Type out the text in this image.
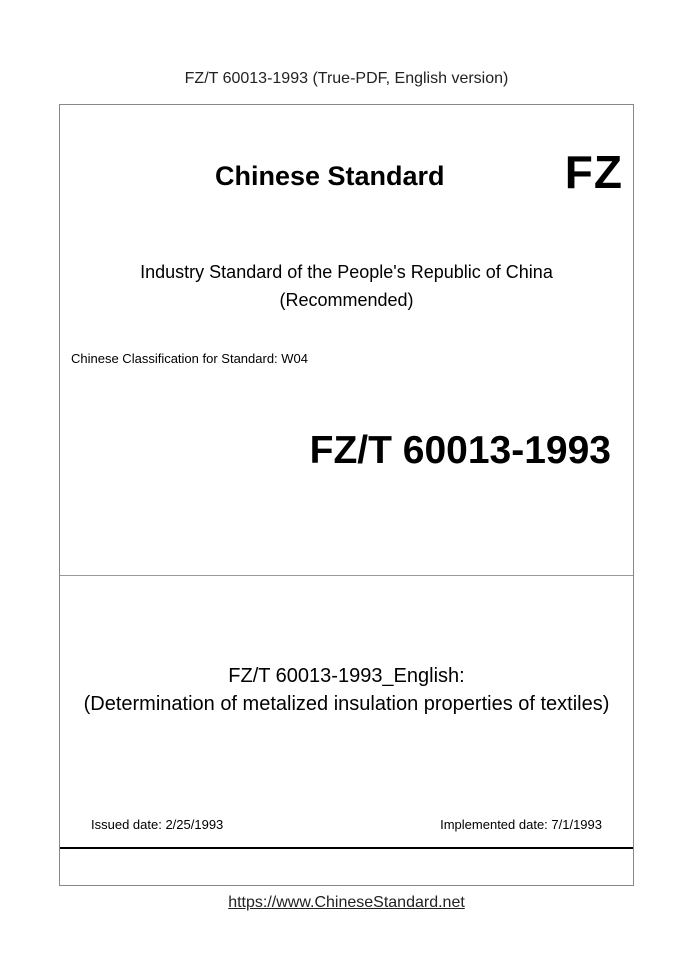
FZ/T 60013-1993 (True-PDF, English version)
Chinese Standard	FZ
Industry Standard of the People's Republic of China
(Recommended)
Chinese Classification for Standard: W04
FZ/T 60013-1993
FZ/T 60013-1993_English:
(Determination of metalized insulation properties of textiles)
Issued date: 2/25/1993	Implemented date: 7/1/1993
https://www.ChineseStandard.net
